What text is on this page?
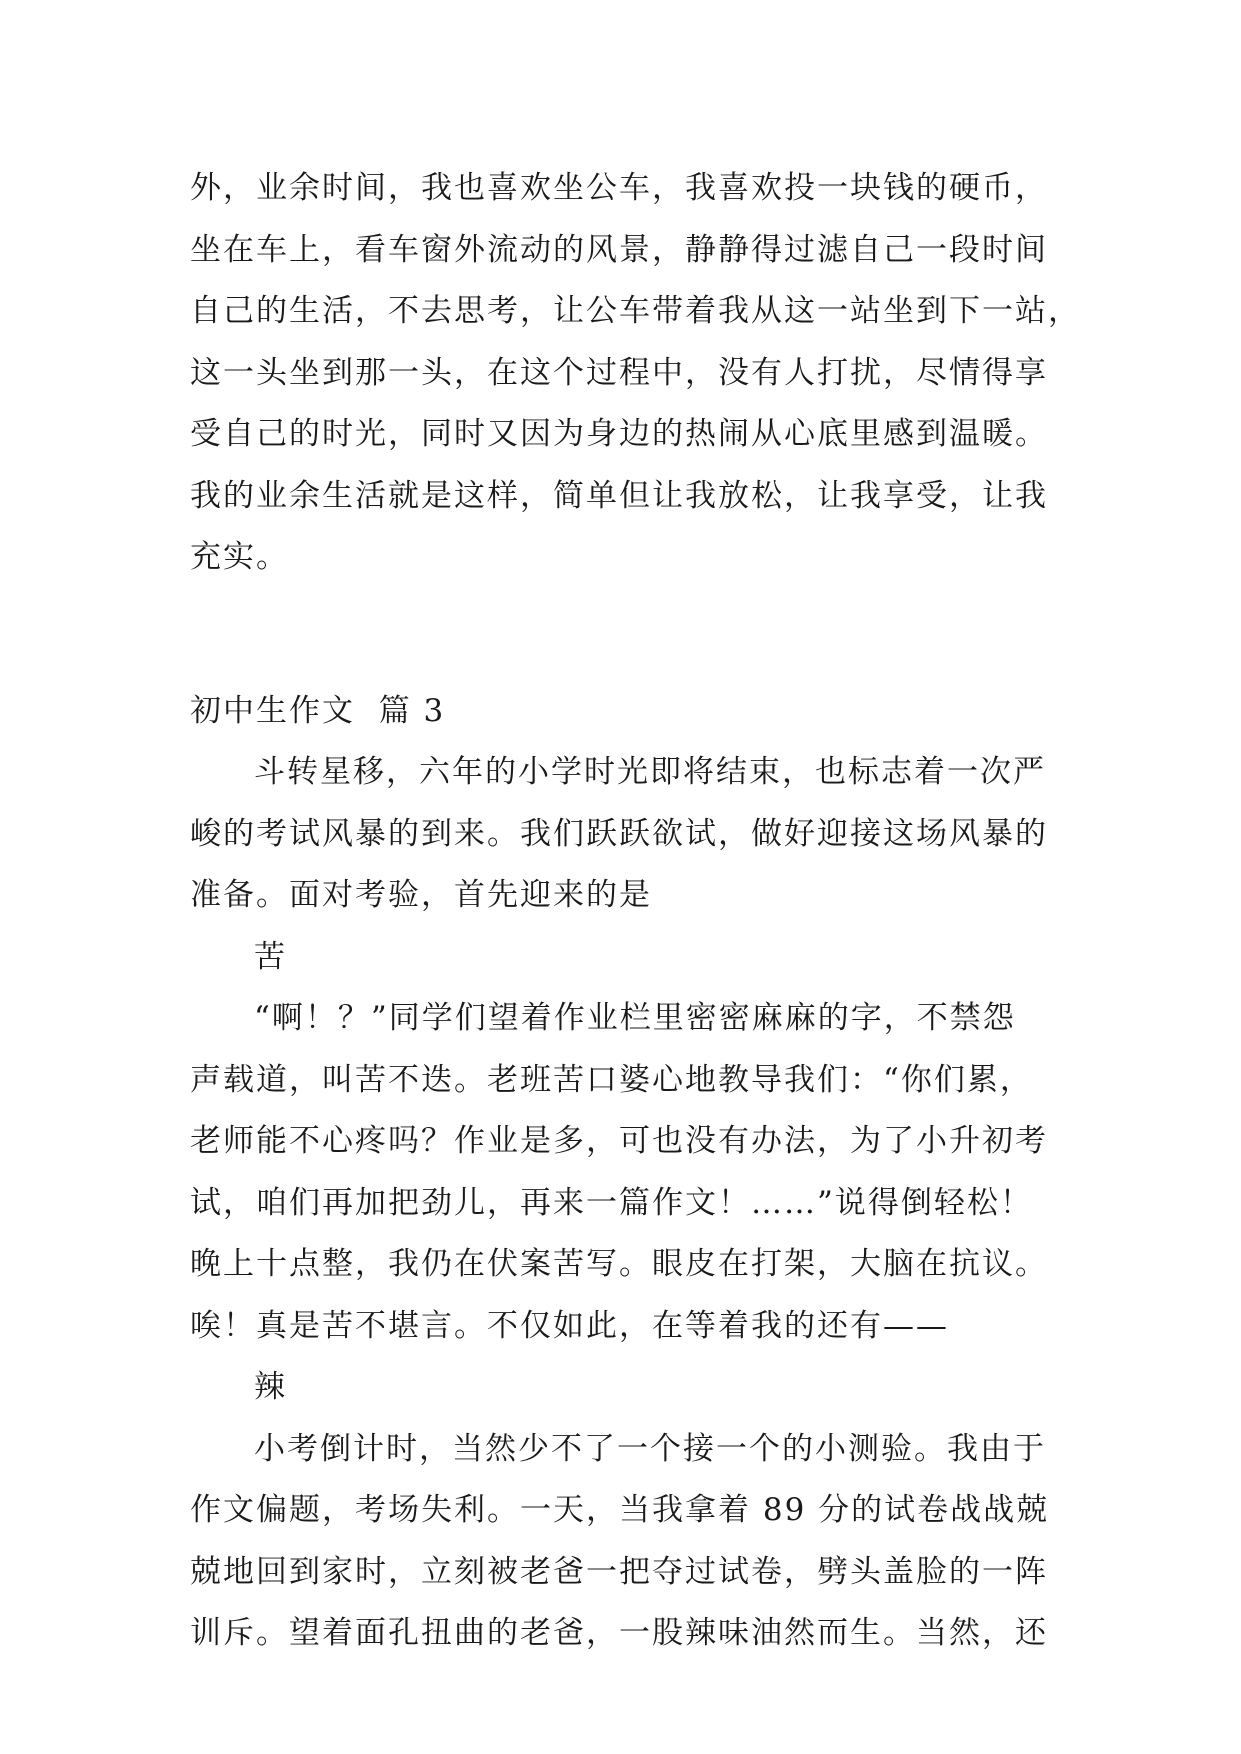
外，业余时间，我也喜欢坐公车，我喜欢投一块钱的硬币，
坐在车上，看车窗外流动的风景，静静得过滤自己一段时间
自己的生活，不去思考，让公车带着我从这一站坐到下一站，
这一头坐到那一头，在这个过程中，没有人打扰，尽情得享
受自己的时光，同时又因为身边的热闹从心底里感到温暖。
我的业余生活就是这样，简单但让我放松，让我享受，让我
充实。
初中生作文  篇 3
斗转星移，六年的小学时光即将结束，也标志着一次严
峻的考试风暴的到来。我们跃跃欲试，做好迎接这场风暴的
准备。面对考验，首先迎来的是
苦
“啊！？”同学们望着作业栏里密密麻麻的字，不禁怨
声载道，叫苦不迭。老班苦口婆心地教导我们：“你们累，
老师能不心疼吗？作业是多，可也没有办法，为了小升初考
试，咱们再加把劲儿，再来一篇作文！……”说得倒轻松！
晚上十点整，我仍在伏案苦写。眼皮在打架，大脑在抗议。
唉！真是苦不堪言。不仅如此，在等着我的还有——
辣
小考倒计时，当然少不了一个接一个的小测验。我由于
作文偏题，考场失利。一天，当我拿着 89 分的试卷战战兢
兢地回到家时，立刻被老爸一把夺过试卷，劈头盖脸的一阵
训斥。望着面孔扭曲的老爸，一股辣味油然而生。当然，还
